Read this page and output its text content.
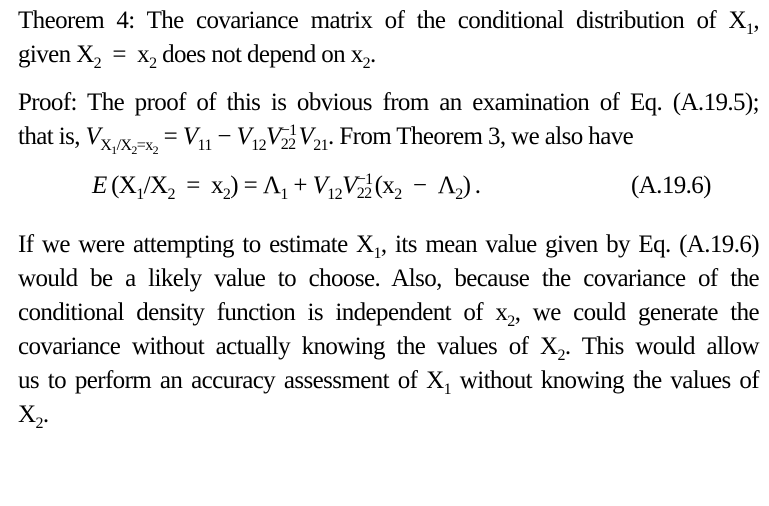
Theorem 4: The covariance matrix of the conditional distribution of $X_1$,

given $X_2 = x_2$ does not depend on $x_2$.

Proof: The proof of this is obvious from an examination of Eq. (A.19.5);

that is, $V_{X_1/X_2=x_2} = V_{11} - V_{12}V -1$
22 $V_{21}$. From Theorem 3, we also have

E $(X_1/X_2 = x_2) = \Lambda_1 + V_{12}V -1$
22 $(x_2 - \Lambda_2)$ .	(A.19.6)

If we were attempting to estimate $X_1$, its mean value given by Eq. (A.19.6)

would be a likely value to choose. Also, because the covariance of the

conditional density function is independent of $x_2$, we could generate the

covariance without actually knowing the values of $X_2$. This would allow

us to perform an accuracy assessment of $X_1$ without knowing the values of

$X_2$.
